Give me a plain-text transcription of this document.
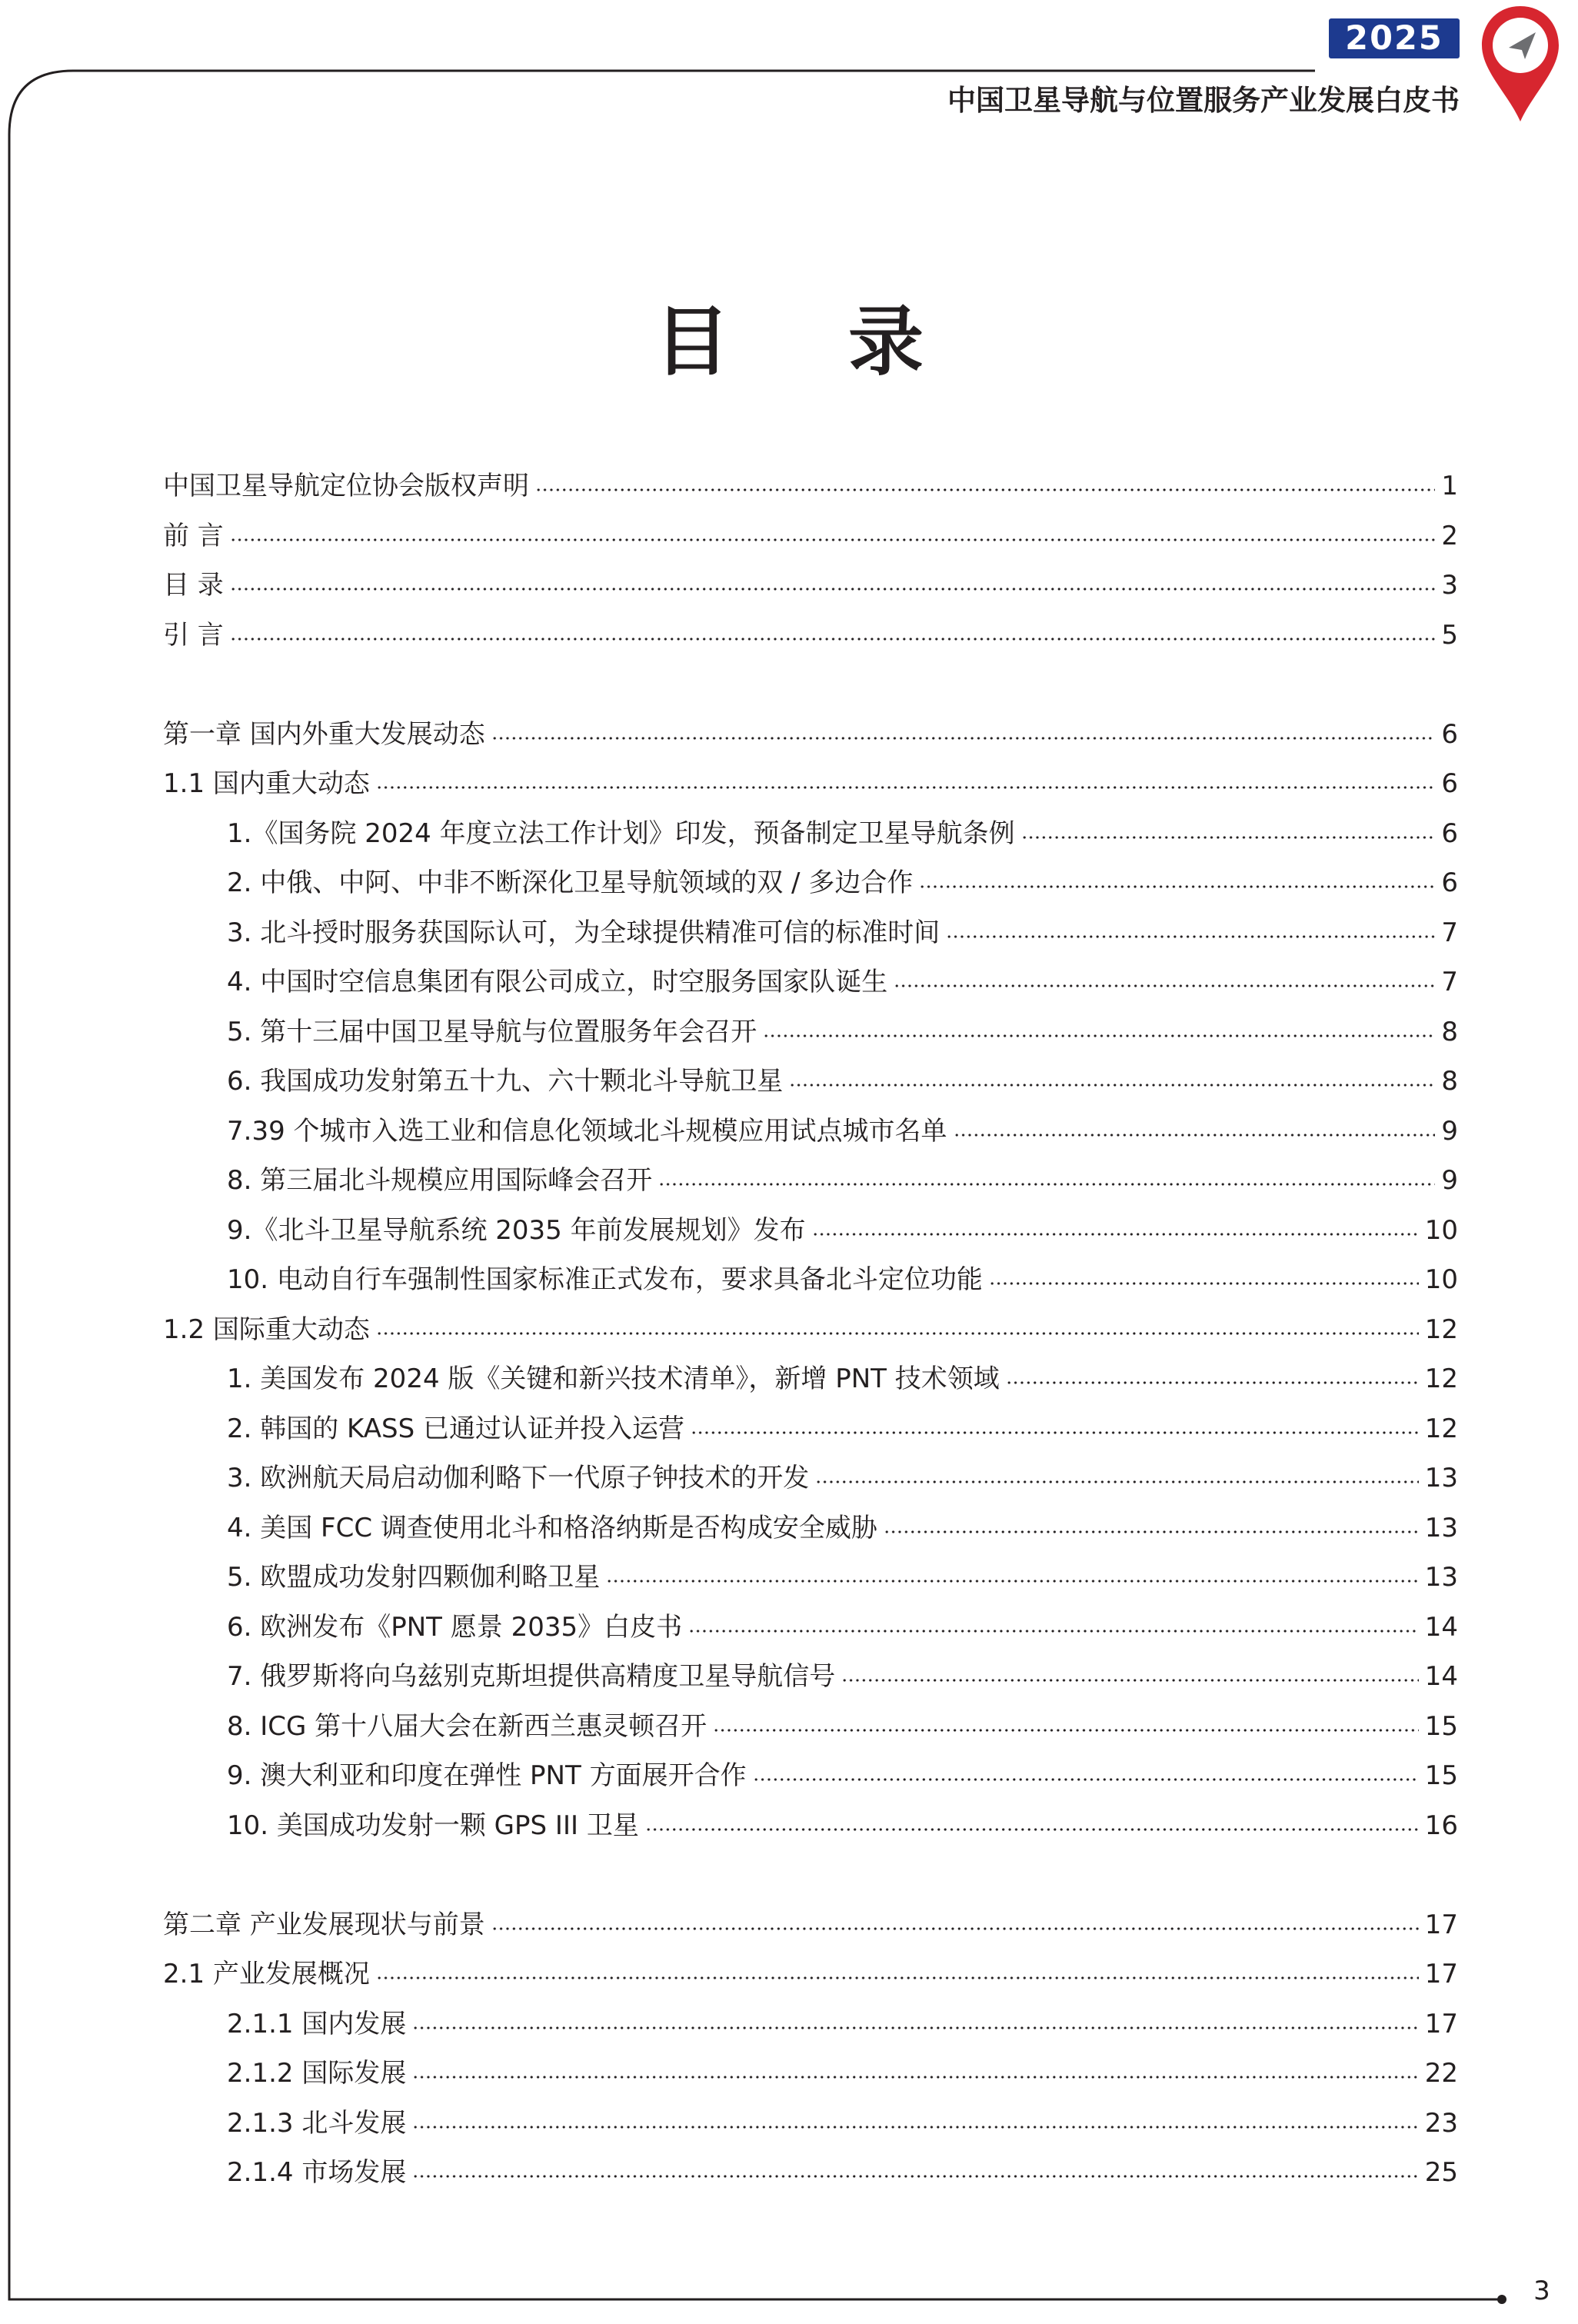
2025
中国卫星导航与位置服务产业发展白皮书
目 录
中国卫星导航定位协会版权声明	1
前 言	2
目 录	3
引 言	5
第一章 国内外重大发展动态	6
1.1 国内重大动态	6
1.《国务院 2024 年度立法工作计划》印发，预备制定卫星导航条例	6
2. 中俄、中阿、中非不断深化卫星导航领域的双 / 多边合作	6
3. 北斗授时服务获国际认可，为全球提供精准可信的标准时间	7
4. 中国时空信息集团有限公司成立，时空服务国家队诞生	7
5. 第十三届中国卫星导航与位置服务年会召开	8
6. 我国成功发射第五十九、六十颗北斗导航卫星	8
7.39 个城市入选工业和信息化领域北斗规模应用试点城市名单	9
8. 第三届北斗规模应用国际峰会召开	9
9.《北斗卫星导航系统 2035 年前发展规划》发布	10
10. 电动自行车强制性国家标准正式发布，要求具备北斗定位功能	10
1.2 国际重大动态	12
1. 美国发布 2024 版《关键和新兴技术清单》，新增 PNT 技术领域	12
2. 韩国的 KASS 已通过认证并投入运营	12
3. 欧洲航天局启动伽利略下一代原子钟技术的开发	13
4. 美国 FCC 调查使用北斗和格洛纳斯是否构成安全威胁	13
5. 欧盟成功发射四颗伽利略卫星	13
6. 欧洲发布《PNT 愿景 2035》白皮书	14
7. 俄罗斯将向乌兹别克斯坦提供高精度卫星导航信号	14
8. ICG 第十八届大会在新西兰惠灵顿召开	15
9. 澳大利亚和印度在弹性 PNT 方面展开合作	15
10. 美国成功发射一颗 GPS III 卫星	16
第二章 产业发展现状与前景	17
2.1 产业发展概况	17
2.1.1 国内发展	17
2.1.2 国际发展	22
2.1.3 北斗发展	23
2.1.4 市场发展	25
3
